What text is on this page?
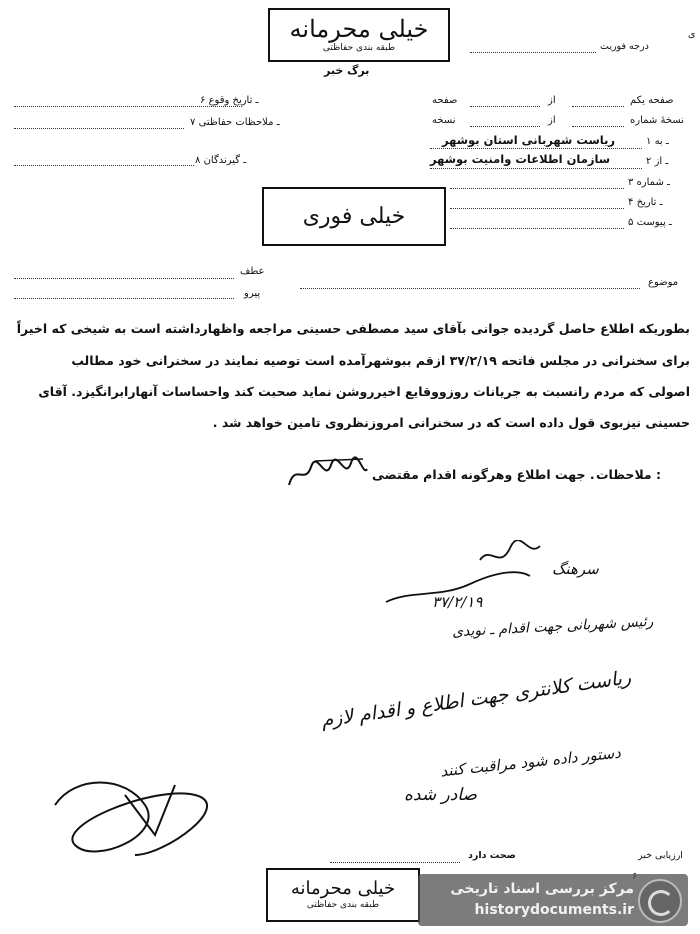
خیلی محرمانه
طبقه بندی حفاظتی
برگ خبر
درجه فوریت
ی
۶ ـ تاریخ وقوع
۷ ـ ملاحظات حفاظتی
۸ ـ گیرندگان
صفحه یکم
از
صفحه
نسخهٔ شماره
از
نسخه
۱ ـ به
ریاست شهربانی استان بوشهر
۲ ـ از
سازمان اطلاعات وامنیت بوشهر
۳ ـ شماره
۴ ـ تاریخ
۵ ـ پیوست
خیلی فوری
عطف
پیرو
موضوع
بطوریکه اطلاع حاصل گردیده جوانی بآقای سید مصطفی حسینی مراجعه واظهارداشته است به شیخی که اخیراً
برای سخنرانی در مجلس فاتحه ۳۷/۲/۱۹ ازقم ببوشهرآمده است توصیه نمایند در سخنرانی خود مطالب
اصولی که مردم رانسبت به جریانات روزووقایع اخیرروشن نماید صحبت کند واحساسات آنهارابرانگیزد. آقای
حسینی نیزبوی قول داده است که در سخنرانی امروزنظروی تامین خواهد شد .
ملاحظات :
جهت اطلاع وهرگونه اقدام مقتضی .
سرهنگ
۳۷/۲/۱۹
رئیس شهربانی جهت اقدام ـ نویدی
ریاست کلانتری جهت اطلاع و اقدام لازم
دستور داده شود مراقبت کنند
صادر شده
ارزیابی خبر
صحت دارد
خیلی محرمانه
طبقه بندی حفاظتی
مرکز بررسی اسناد تاریخی
historydocuments.ir
